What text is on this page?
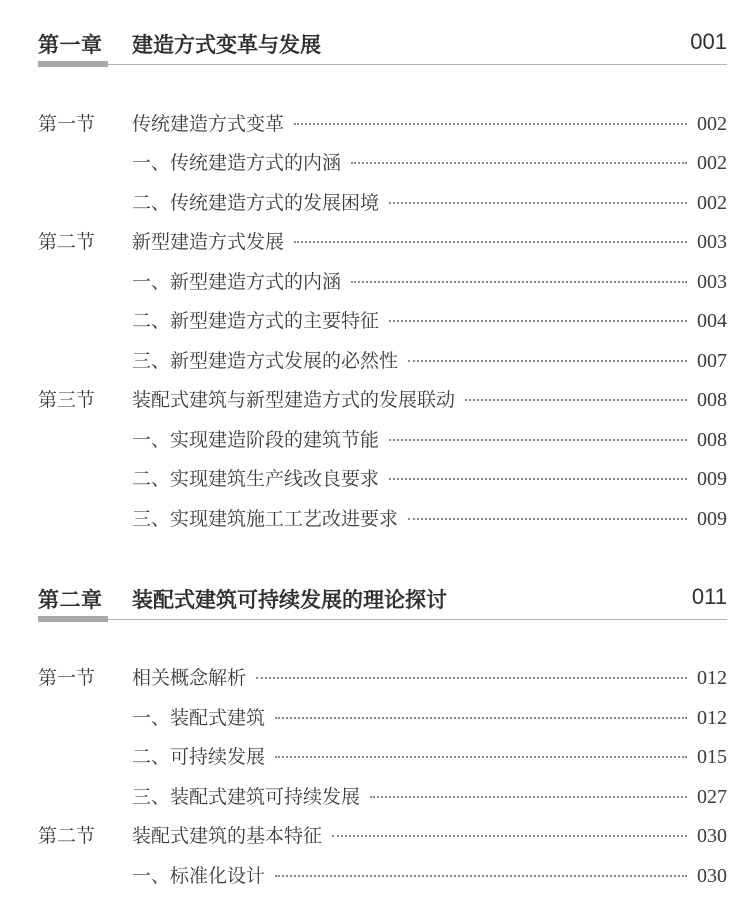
第一章 建造方式变革与发展	001
第一节	传统建造方式变革	002
一、传统建造方式的内涵	002
二、传统建造方式的发展困境	002
第二节	新型建造方式发展	003
一、新型建造方式的内涵	003
二、新型建造方式的主要特征	004
三、新型建造方式发展的必然性	007
第三节	装配式建筑与新型建造方式的发展联动	008
一、实现建造阶段的建筑节能	008
二、实现建筑生产线改良要求	009
三、实现建筑施工工艺改进要求	009
第二章 装配式建筑可持续发展的理论探讨	011
第一节	相关概念解析	012
一、装配式建筑	012
二、可持续发展	015
三、装配式建筑可持续发展	027
第二节	装配式建筑的基本特征	030
一、标准化设计	030
